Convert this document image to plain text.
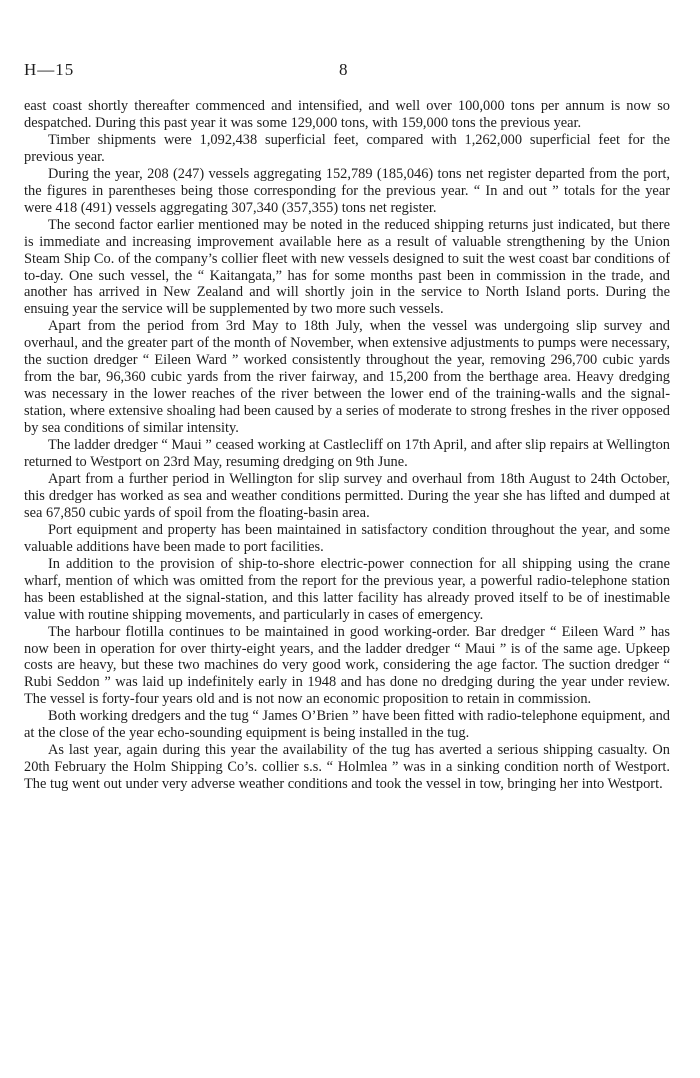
H—15	8

east coast shortly thereafter commenced and intensified, and well over 100,000 tons per annum is now so despatched. During this past year it was some 129,000 tons, with 159,000 tons the previous year.

Timber shipments were 1,092,438 superficial feet, compared with 1,262,000 superficial feet for the previous year.

During the year, 208 (247) vessels aggregating 152,789 (185,046) tons net register departed from the port, the figures in parentheses being those corresponding for the previous year. “ In and out ” totals for the year were 418 (491) vessels aggregating 307,340 (357,355) tons net register.

The second factor earlier mentioned may be noted in the reduced shipping returns just indicated, but there is immediate and increasing improvement available here as a result of valuable strengthening by the Union Steam Ship Co. of the company’s collier fleet with new vessels designed to suit the west coast bar conditions of to-day. One such vessel, the “ Kaitangata,” has for some months past been in commission in the trade, and another has arrived in New Zealand and will shortly join in the service to North Island ports. During the ensuing year the service will be supplemented by two more such vessels.

Apart from the period from 3rd May to 18th July, when the vessel was undergoing slip survey and overhaul, and the greater part of the month of November, when extensive adjustments to pumps were necessary, the suction dredger “ Eileen Ward ” worked consistently throughout the year, removing 296,700 cubic yards from the bar, 96,360 cubic yards from the river fairway, and 15,200 from the berthage area. Heavy dredging was necessary in the lower reaches of the river between the lower end of the training-walls and the signal-station, where extensive shoaling had been caused by a series of moderate to strong freshes in the river opposed by sea conditions of similar intensity.

The ladder dredger “ Maui ” ceased working at Castlecliff on 17th April, and after slip repairs at Wellington returned to Westport on 23rd May, resuming dredging on 9th June.

Apart from a further period in Wellington for slip survey and overhaul from 18th August to 24th October, this dredger has worked as sea and weather conditions permitted. During the year she has lifted and dumped at sea 67,850 cubic yards of spoil from the floating-basin area.

Port equipment and property has been maintained in satisfactory condition throughout the year, and some valuable additions have been made to port facilities.

In addition to the provision of ship-to-shore electric-power connection for all shipping using the crane wharf, mention of which was omitted from the report for the previous year, a powerful radio-telephone station has been established at the signal-station, and this latter facility has already proved itself to be of inestimable value with routine shipping movements, and particularly in cases of emergency.

The harbour flotilla continues to be maintained in good working-order. Bar dredger “ Eileen Ward ” has now been in operation for over thirty-eight years, and the ladder dredger “ Maui ” is of the same age. Upkeep costs are heavy, but these two machines do very good work, considering the age factor. The suction dredger “ Rubi Seddon ” was laid up indefinitely early in 1948 and has done no dredging during the year under review. The vessel is forty-four years old and is not now an economic proposition to retain in commission.

Both working dredgers and the tug “ James O’Brien ” have been fitted with radio-telephone equipment, and at the close of the year echo-sounding equipment is being installed in the tug.

As last year, again during this year the availability of the tug has averted a serious shipping casualty. On 20th February the Holm Shipping Co’s. collier s.s. “ Holmlea ” was in a sinking condition north of Westport. The tug went out under very adverse weather conditions and took the vessel in tow, bringing her into Westport.
